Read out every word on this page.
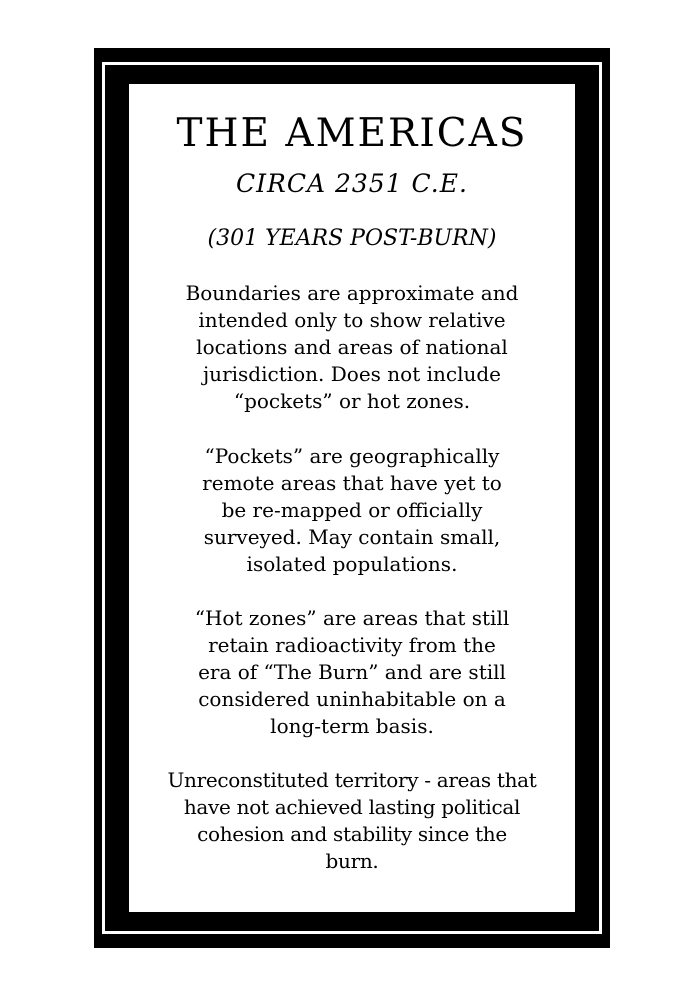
THE AMERICAS

CIRCA 2351 C.E.

(301 YEARS POST-BURN)

Boundaries are approximate and
intended only to show relative
locations and areas of national
jurisdiction. Does not include
“pockets” or hot zones.

“Pockets” are geographically
remote areas that have yet to
be re-mapped or officially
surveyed. May contain small,
isolated populations.

“Hot zones” are areas that still
retain radioactivity from the
era of “The Burn” and are still
considered uninhabitable on a
long-term basis.

Unreconstituted territory - areas that
have not achieved lasting political
cohesion and stability since the
burn.
